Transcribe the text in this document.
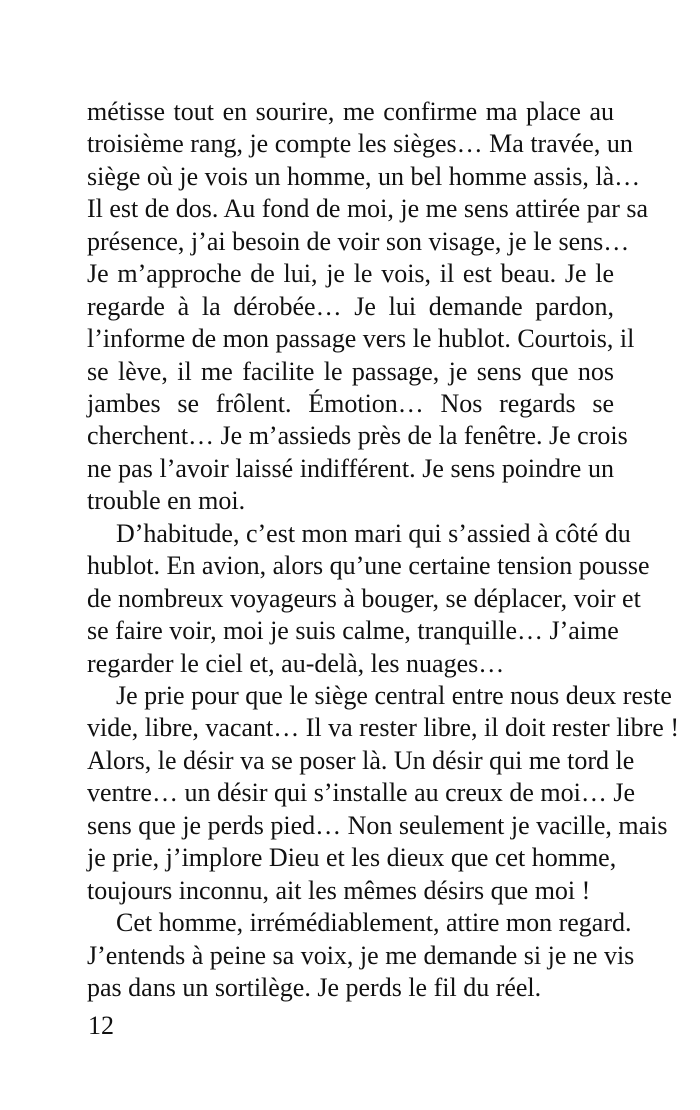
métisse tout en sourire, me confirme ma place au
troisième rang, je compte les sièges… Ma travée, un
siège où je vois un homme, un bel homme assis, là…
Il est de dos. Au fond de moi, je me sens attirée par sa
présence, j’ai besoin de voir son visage, je le sens…
Je m’approche de lui, je le vois, il est beau. Je le
regarde à la dérobée… Je lui demande pardon,
l’informe de mon passage vers le hublot. Courtois, il
se lève, il me facilite le passage, je sens que nos
jambes se frôlent. Émotion… Nos regards se
cherchent… Je m’assieds près de la fenêtre. Je crois
ne pas l’avoir laissé indifférent. Je sens poindre un
trouble en moi.
D’habitude, c’est mon mari qui s’assied à côté du
hublot. En avion, alors qu’une certaine tension pousse
de nombreux voyageurs à bouger, se déplacer, voir et
se faire voir, moi je suis calme, tranquille… J’aime
regarder le ciel et, au-delà, les nuages…
Je prie pour que le siège central entre nous deux reste
vide, libre, vacant… Il va rester libre, il doit rester libre !
Alors, le désir va se poser là. Un désir qui me tord le
ventre… un désir qui s’installe au creux de moi… Je
sens que je perds pied… Non seulement je vacille, mais
je prie, j’implore Dieu et les dieux que cet homme,
toujours inconnu, ait les mêmes désirs que moi !
Cet homme, irrémédiablement, attire mon regard.
J’entends à peine sa voix, je me demande si je ne vis
pas dans un sortilège. Je perds le fil du réel.
12
